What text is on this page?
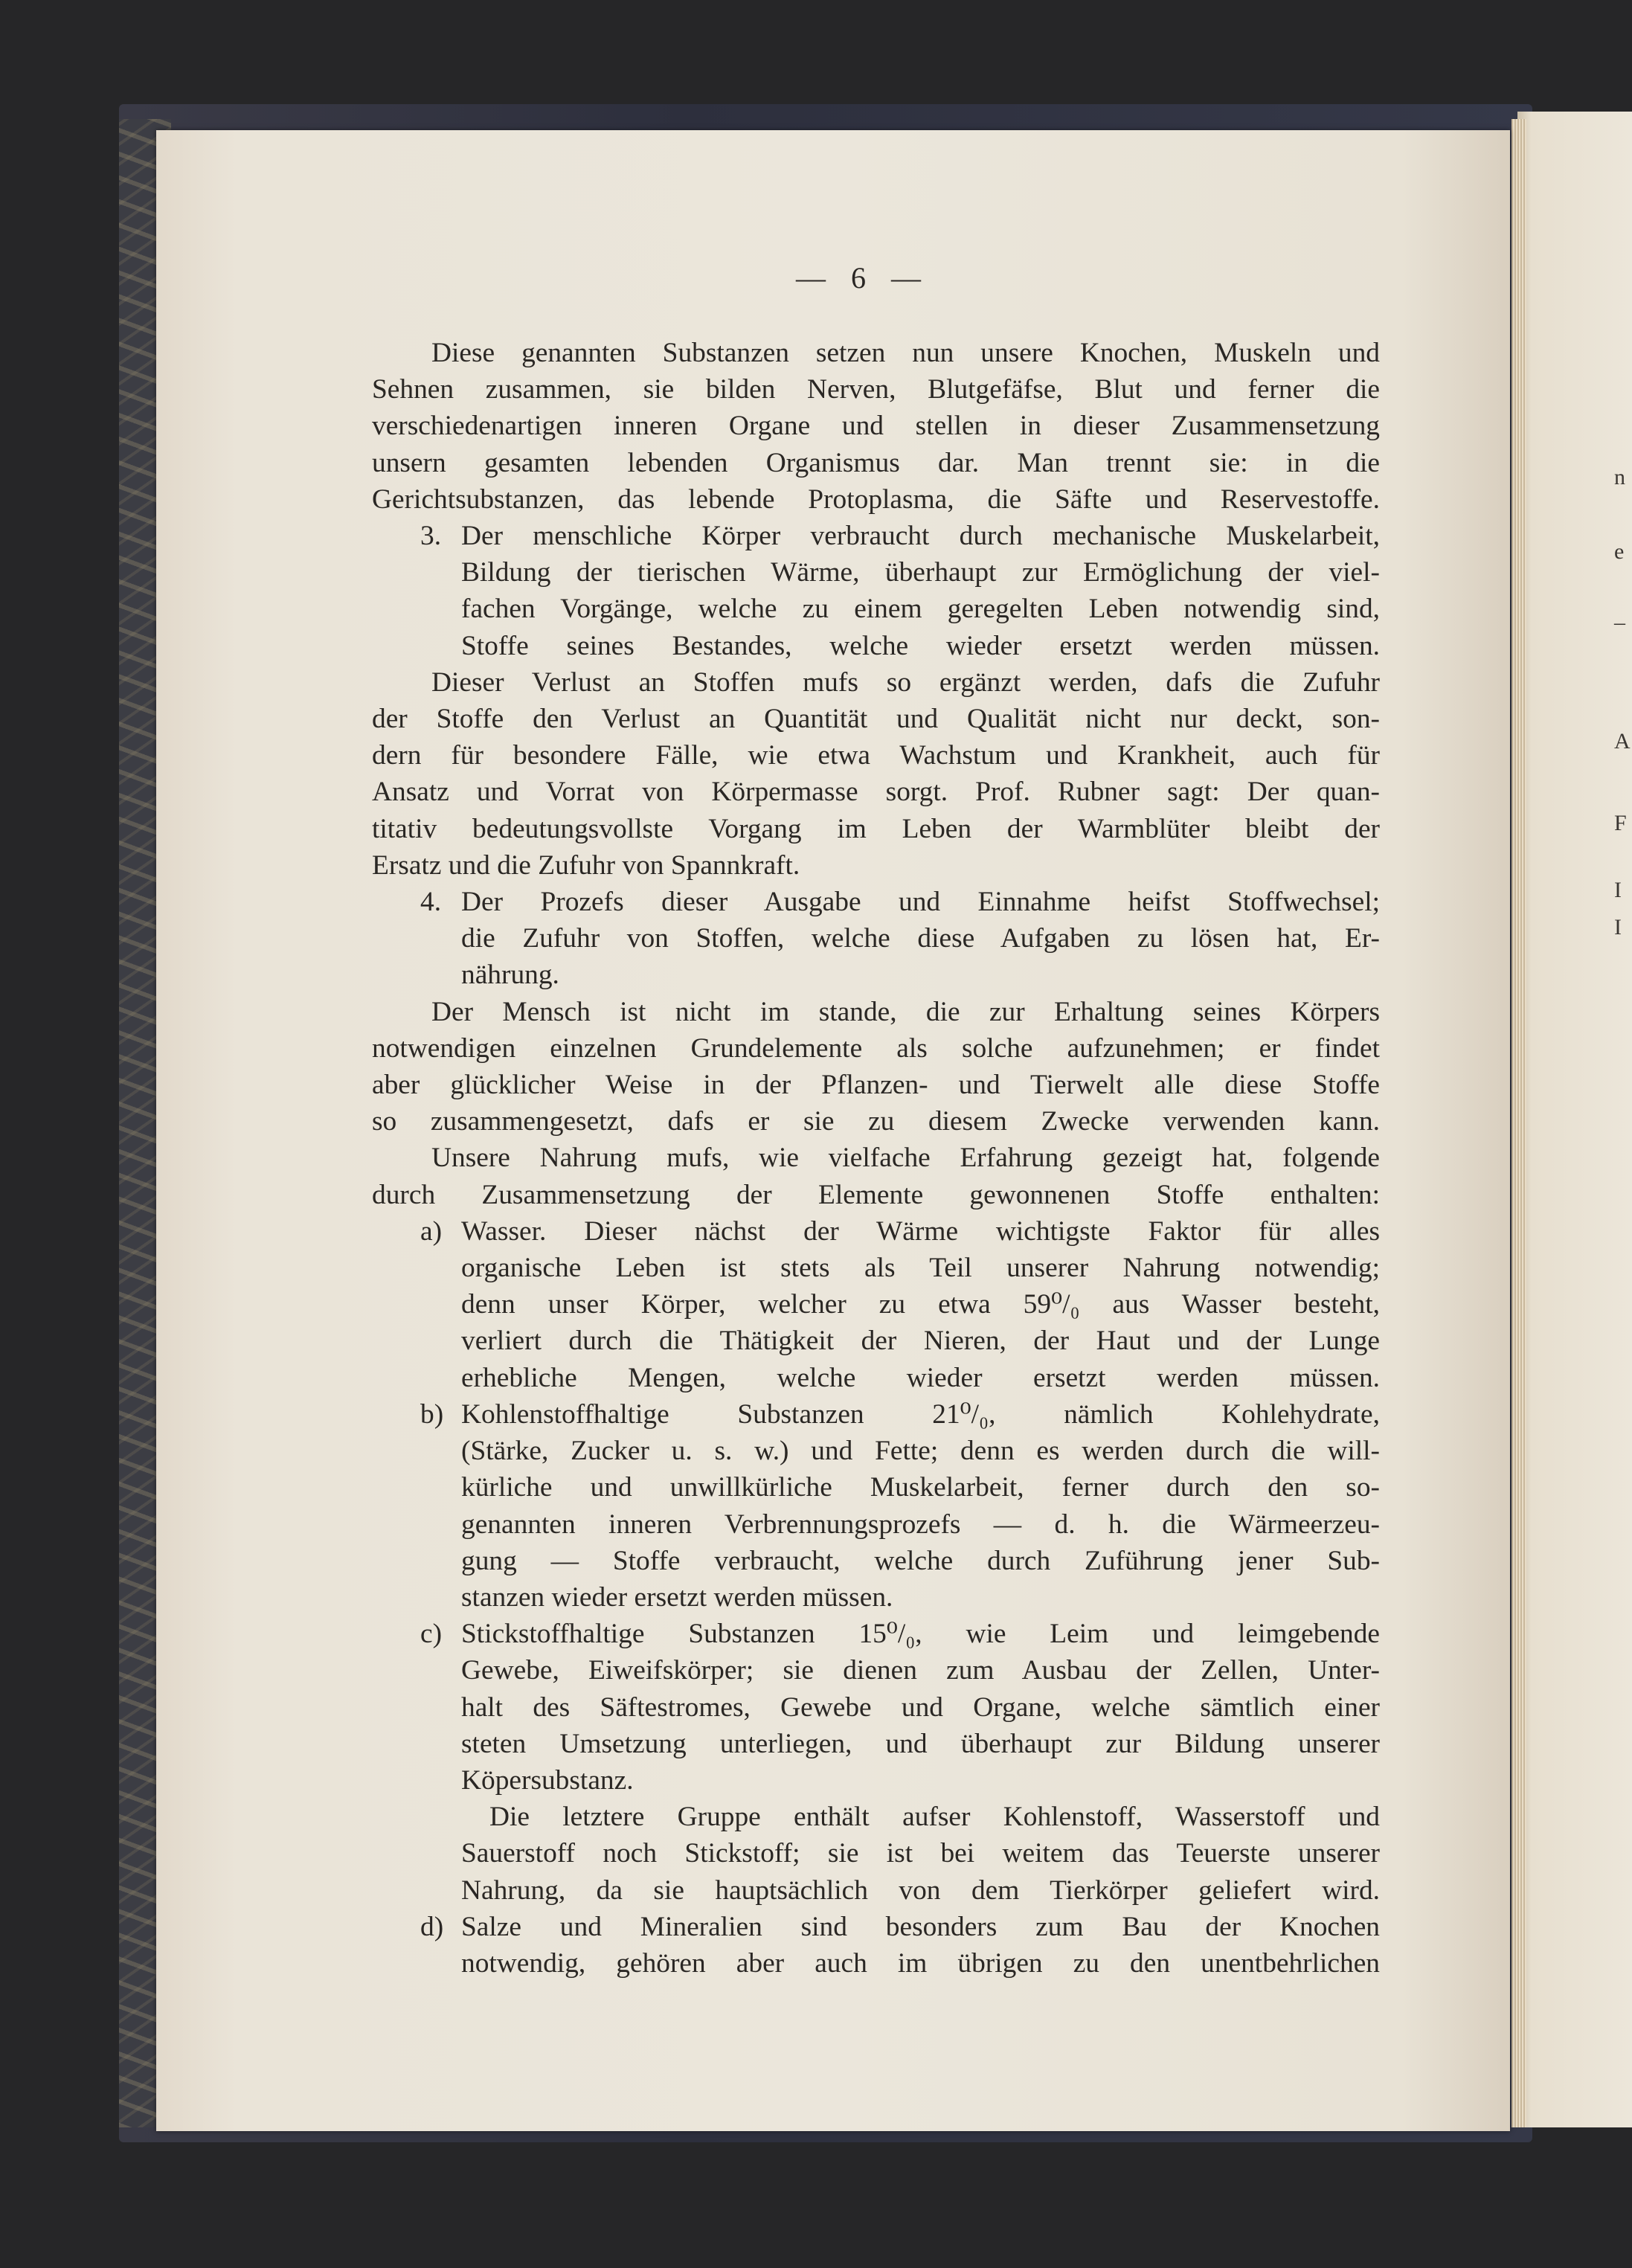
n
e
–
A
F
I
I
— 6 —
Diese genannten Substanzen setzen nun unsere Knochen, Muskeln und
Sehnen zusammen, sie bilden Nerven, Blutgefäfse, Blut und ferner die
verschiedenartigen inneren Organe und stellen in dieser Zusammensetzung
unsern gesamten lebenden Organismus dar. Man trennt sie: in die
Gerichtsubstanzen, das lebende Protoplasma, die Säfte und Reservestoffe.
3. Der menschliche Körper verbraucht durch mechanische Muskelarbeit,
Bildung der tierischen Wärme, überhaupt zur Ermöglichung der viel-
fachen Vorgänge, welche zu einem geregelten Leben notwendig sind,
Stoffe seines Bestandes, welche wieder ersetzt werden müssen.
Dieser Verlust an Stoffen mufs so ergänzt werden, dafs die Zufuhr
der Stoffe den Verlust an Quantität und Qualität nicht nur deckt, son-
dern für besondere Fälle, wie etwa Wachstum und Krankheit, auch für
Ansatz und Vorrat von Körpermasse sorgt. Prof. Rubner sagt: Der quan-
titativ bedeutungsvollste Vorgang im Leben der Warmblüter bleibt der
Ersatz und die Zufuhr von Spannkraft.
4. Der Prozefs dieser Ausgabe und Einnahme heifst Stoffwechsel;
die Zufuhr von Stoffen, welche diese Aufgaben zu lösen hat, Er-
nährung.
Der Mensch ist nicht im stande, die zur Erhaltung seines Körpers
notwendigen einzelnen Grundelemente als solche aufzunehmen; er findet
aber glücklicher Weise in der Pflanzen- und Tierwelt alle diese Stoffe
so zusammengesetzt, dafs er sie zu diesem Zwecke verwenden kann.
Unsere Nahrung mufs, wie vielfache Erfahrung gezeigt hat, folgende
durch Zusammensetzung der Elemente gewonnenen Stoffe enthalten:
a) Wasser. Dieser nächst der Wärme wichtigste Faktor für alles
organische Leben ist stets als Teil unserer Nahrung notwendig;
denn unser Körper, welcher zu etwa 59⁰/₀ aus Wasser besteht,
verliert durch die Thätigkeit der Nieren, der Haut und der Lunge
erhebliche Mengen, welche wieder ersetzt werden müssen.
b) Kohlenstoffhaltige Substanzen 21⁰/₀, nämlich Kohlehydrate,
(Stärke, Zucker u. s. w.) und Fette; denn es werden durch die will-
kürliche und unwillkürliche Muskelarbeit, ferner durch den so-
genannten inneren Verbrennungsprozefs — d. h. die Wärmeerzeu-
gung — Stoffe verbraucht, welche durch Zuführung jener Sub-
stanzen wieder ersetzt werden müssen.
c) Stickstoffhaltige Substanzen 15⁰/₀, wie Leim und leimgebende
Gewebe, Eiweifskörper; sie dienen zum Ausbau der Zellen, Unter-
halt des Säftestromes, Gewebe und Organe, welche sämtlich einer
steten Umsetzung unterliegen, und überhaupt zur Bildung unserer
Köpersubstanz.
Die letztere Gruppe enthält aufser Kohlenstoff, Wasserstoff und
Sauerstoff noch Stickstoff; sie ist bei weitem das Teuerste unserer
Nahrung, da sie hauptsächlich von dem Tierkörper geliefert wird.
d) Salze und Mineralien sind besonders zum Bau der Knochen
notwendig, gehören aber auch im übrigen zu den unentbehrlichen
